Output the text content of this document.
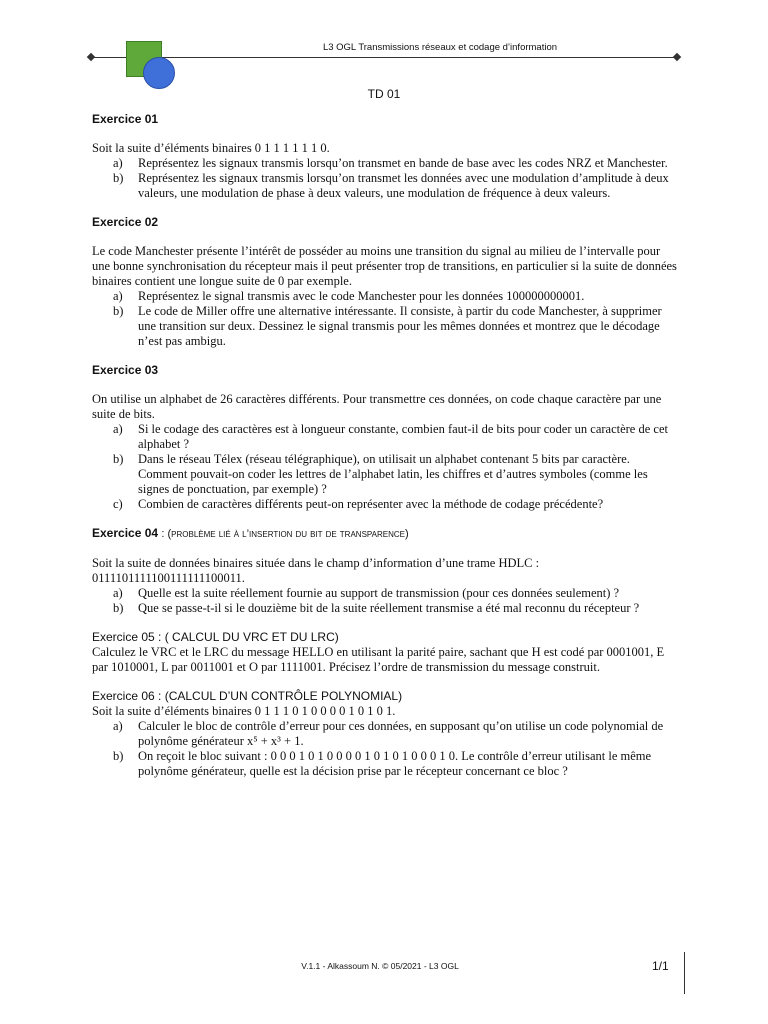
L3 OGL Transmissions réseaux et codage d’information
TD 01

Exercice 01

Soit la suite d’éléments binaires 0 1 1 1 1 1 1 0.

a) Représentez les signaux transmis lorsqu’on transmet en bande de base avec les codes NRZ et Manchester.
b) Représentez les signaux transmis lorsqu’on transmet les données avec une modulation d’amplitude à deux valeurs, une modulation de phase à deux valeurs, une modulation de fréquence à deux valeurs.

Exercice 02

Le code Manchester présente l’intérêt de posséder au moins une transition du signal au milieu de l’intervalle pour une bonne synchronisation du récepteur mais il peut présenter trop de transitions, en particulier si la suite de données binaires contient une longue suite de 0 par exemple.

a) Représentez le signal transmis avec le code Manchester pour les données 100000000001.
b) Le code de Miller offre une alternative intéressante. Il consiste, à partir du code Manchester, à supprimer une transition sur deux. Dessinez le signal transmis pour les mêmes données et montrez que le décodage n’est pas ambigu.

Exercice 03

On utilise un alphabet de 26 caractères différents. Pour transmettre ces données, on code chaque caractère par une suite de bits.

a) Si le codage des caractères est à longueur constante, combien faut-il de bits pour coder un caractère de cet alphabet ?
b) Dans le réseau Télex (réseau télégraphique), on utilisait un alphabet contenant 5 bits par caractère. Comment pouvait-on coder les lettres de l’alphabet latin, les chiffres et d’autres symboles (comme les signes de ponctuation, par exemple) ?
c) Combien de caractères différents peut-on représenter avec la méthode de codage précédente?

Exercice 04 : (problème lié à l’insertion du bit de transparence)

Soit la suite de données binaires située dans le champ d’information d’une trame HDLC : 0111101111100111111100011.

a) Quelle est la suite réellement fournie au support de transmission (pour ces données seulement) ?
b) Que se passe-t-il si le douzième bit de la suite réellement transmise a été mal reconnu du récepteur ?

Exercice 05 : ( CALCUL DU VRC ET DU LRC)

Calculez le VRC et le LRC du message HELLO en utilisant la parité paire, sachant que H est codé par 0001001, E par 1010001, L par 0011001 et O par 1111001. Précisez l’ordre de transmission du message construit.

Exercice 06 : (CALCUL D’UN CONTRÔLE POLYNOMIAL)

Soit la suite d’éléments binaires 0 1 1 1 0 1 0 0 0 0 1 0 1 0 1.

a) Calculer le bloc de contrôle d’erreur pour ces données, en supposant qu’on utilise un code polynomial de polynôme générateur x⁵ + x³ + 1.
b) On reçoit le bloc suivant : 0 0 0 1 0 1 0 0 0 0 1 0 1 0 1 0 0 0 1 0. Le contrôle d’erreur utilisant le même polynôme générateur, quelle est la décision prise par le récepteur concernant ce bloc ?
V.1.1 - Alkassoum N. © 05/2021 - L3 OGL	1/1
